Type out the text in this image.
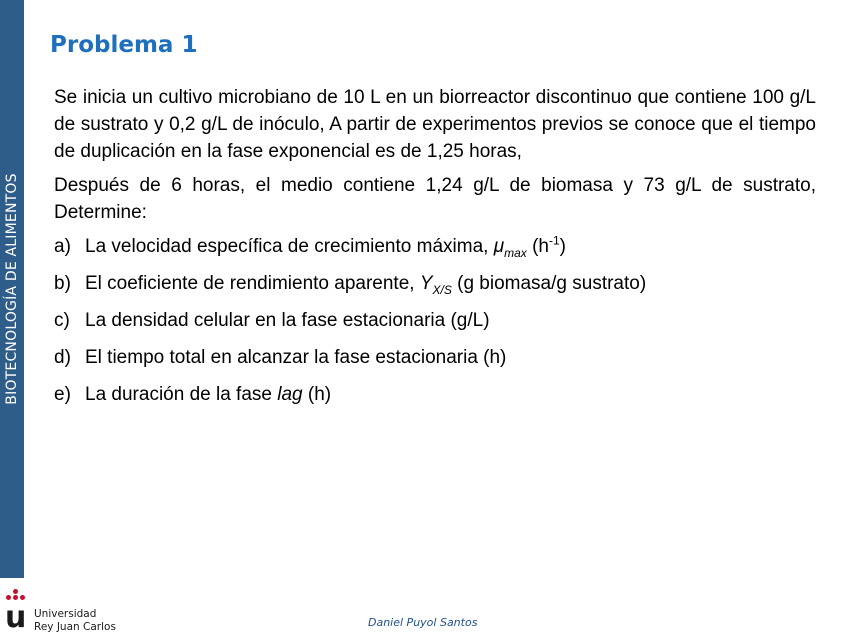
BIOTECNOLOGÍA DE ALIMENTOS
Problema 1

Se inicia un cultivo microbiano de 10 L en un biorreactor discontinuo que contiene 100 g/L de sustrato y 0,2 g/L de inóculo, A partir de experimentos previos se conoce que el tiempo de duplicación en la fase exponencial es de 1,25 horas,

Después de 6 horas, el medio contiene 1,24 g/L de biomasa y 73 g/L de sustrato, Determine:

a) La velocidad específica de crecimiento máxima, $\mu_{max}$ $(h^{-1})$
b) El coeficiente de rendimiento aparente, $Y_{X/S}$ (g biomasa/g sustrato)
c) La densidad celular en la fase estacionaria (g/L)
d) El tiempo total en alcanzar la fase estacionaria (h)
e) La duración de la fase lag (h)
u Universidad
Rey Juan Carlos	Daniel Puyol Santos
